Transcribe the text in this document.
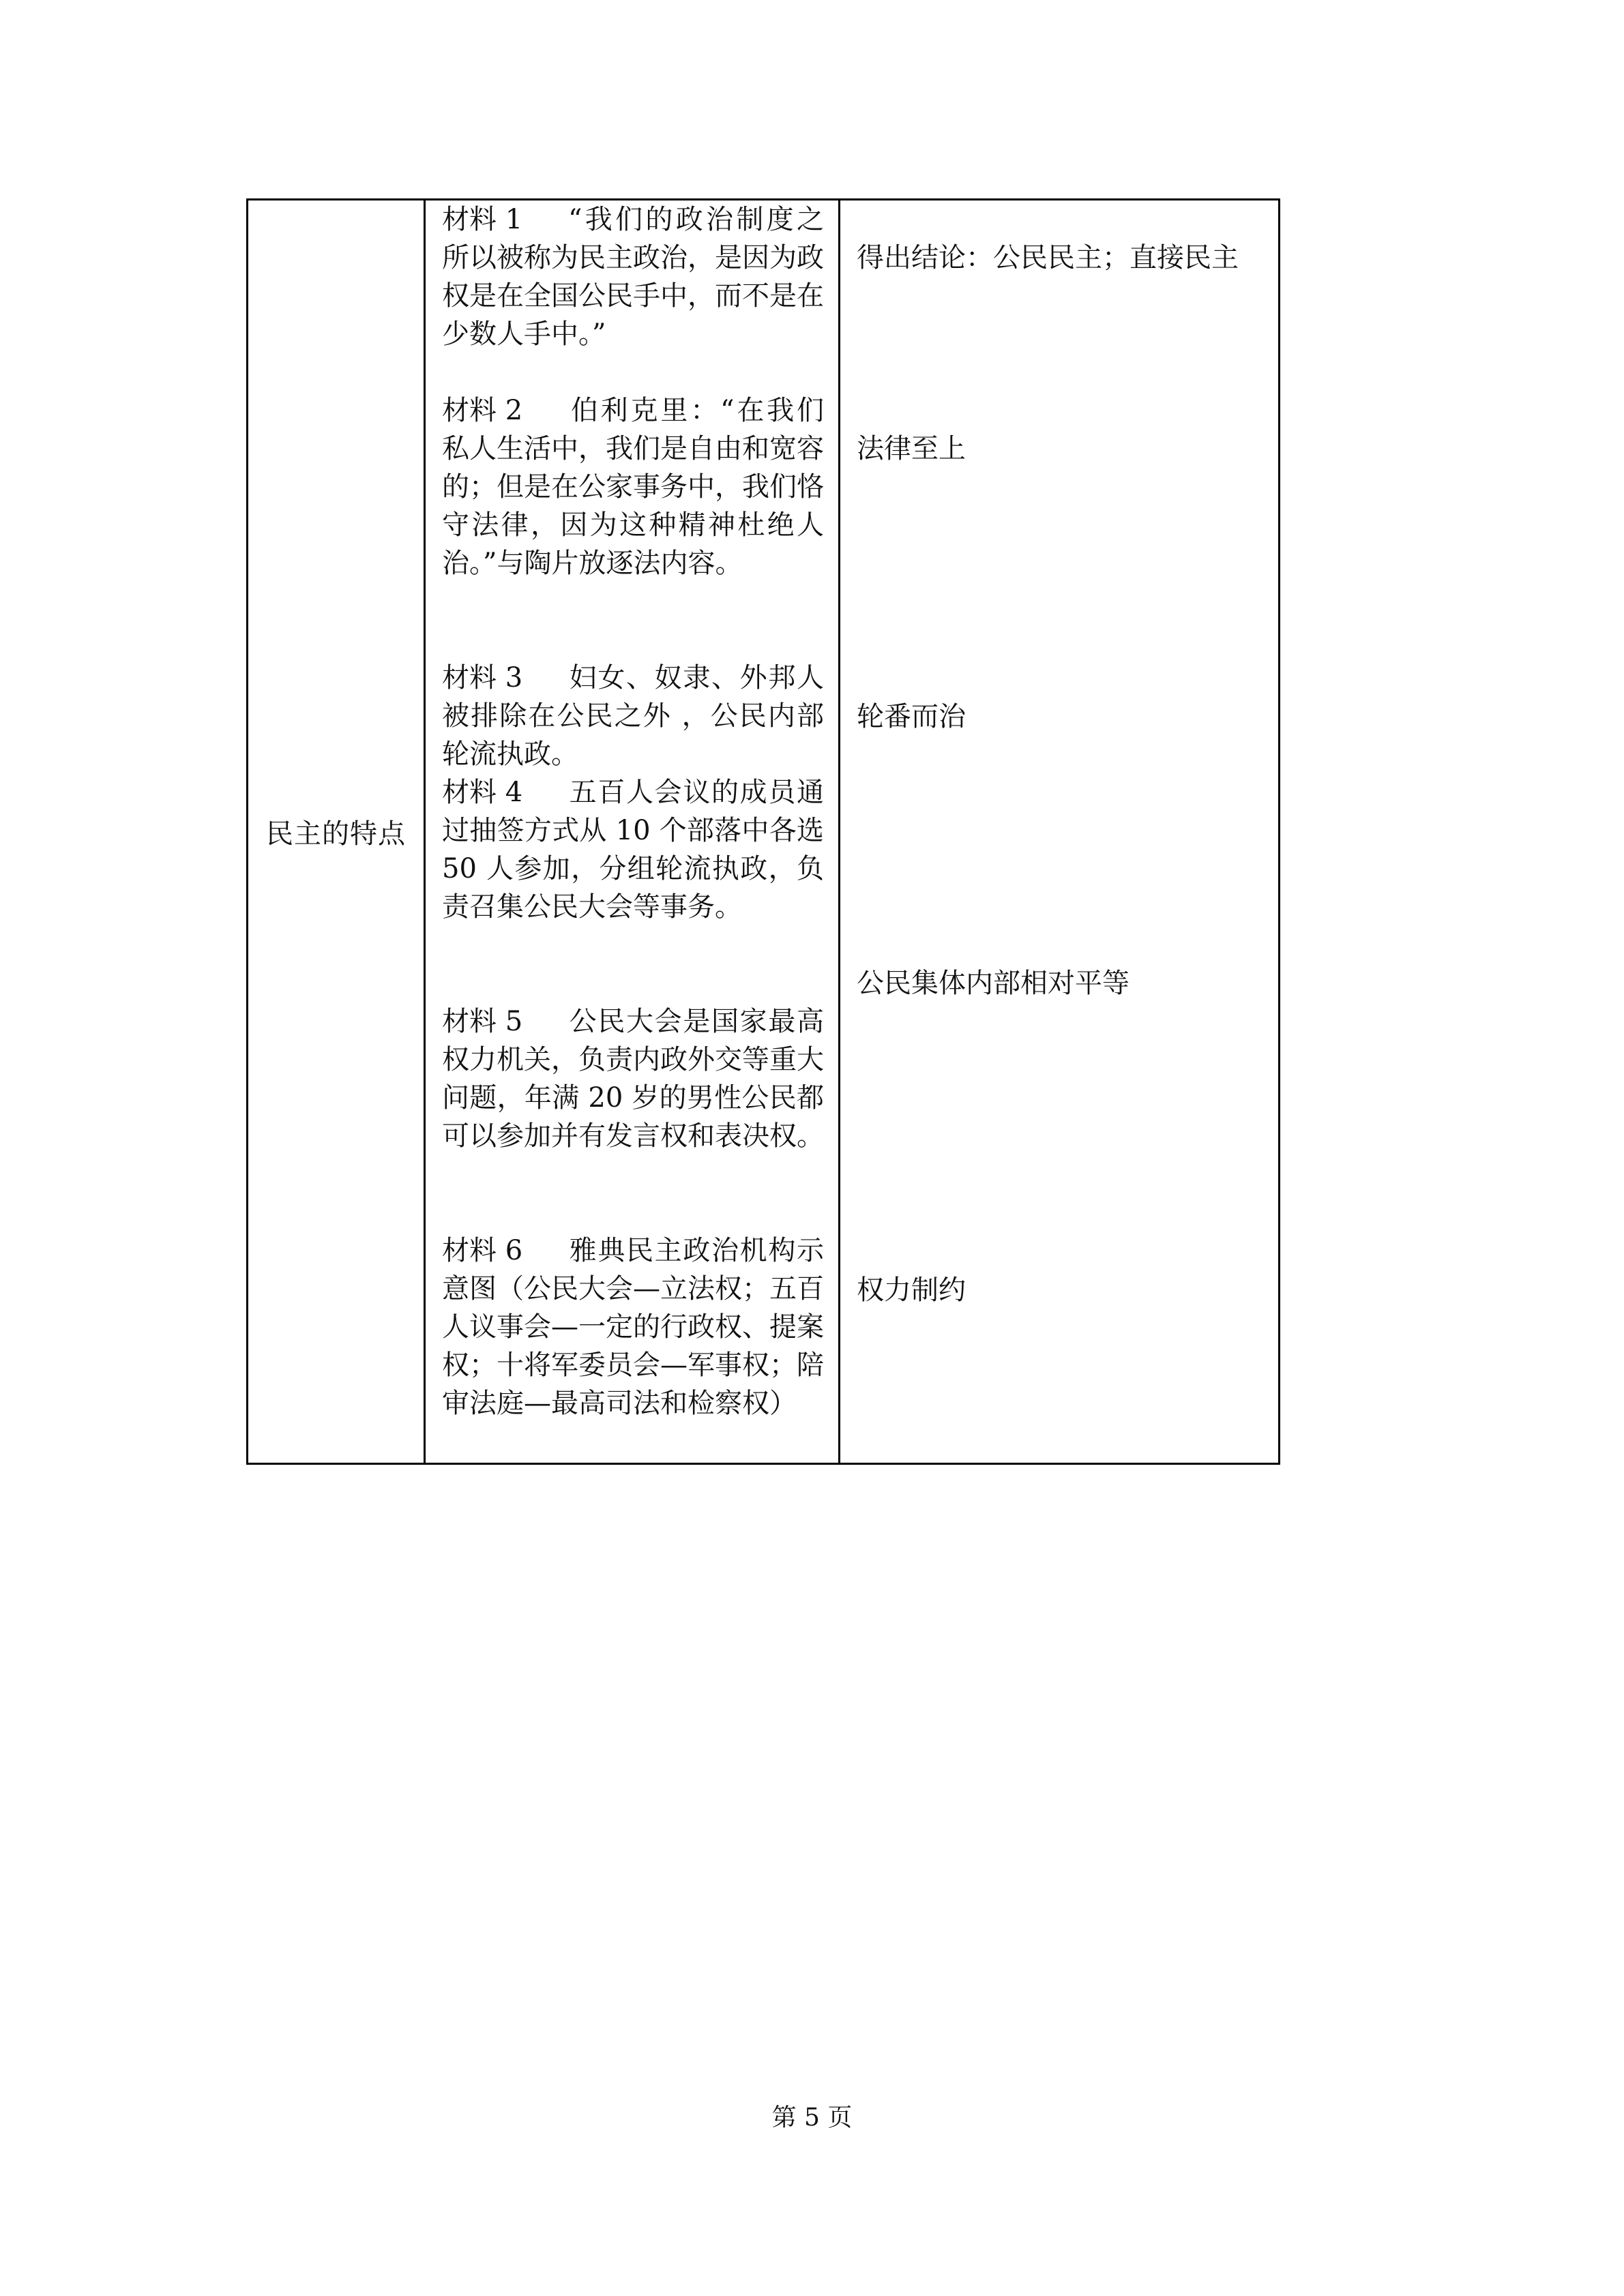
民主的特点
材料 1 “我们的政治制度之所以被称为民主政治，是因为政权是在全国公民手中，而不是在少数人手中。”
材料 2 伯利克里：“在我们私人生活中，我们是自由和宽容的；但是在公家事务中，我们恪守法律，因为这种精神杜绝人治。”与陶片放逐法内容。
材料 3 妇女、奴隶、外邦人被排除在公民之外 ，公民内部轮流执政。
材料 4 五百人会议的成员通过抽签方式从 10 个部落中各选 50 人参加，分组轮流执政，负责召集公民大会等事务。
材料 5 公民大会是国家最高权力机关，负责内政外交等重大问题，年满 20 岁的男性公民都可以参加并有发言权和表决权。
材料 6 雅典民主政治机构示意图（公民大会—立法权；五百人议事会—一定的行政权、提案权；十将军委员会—军事权；陪审法庭—最高司法和检察权）
得出结论：公民民主；直接民主
法律至上
轮番而治
公民集体内部相对平等
权力制约
第 5 页
